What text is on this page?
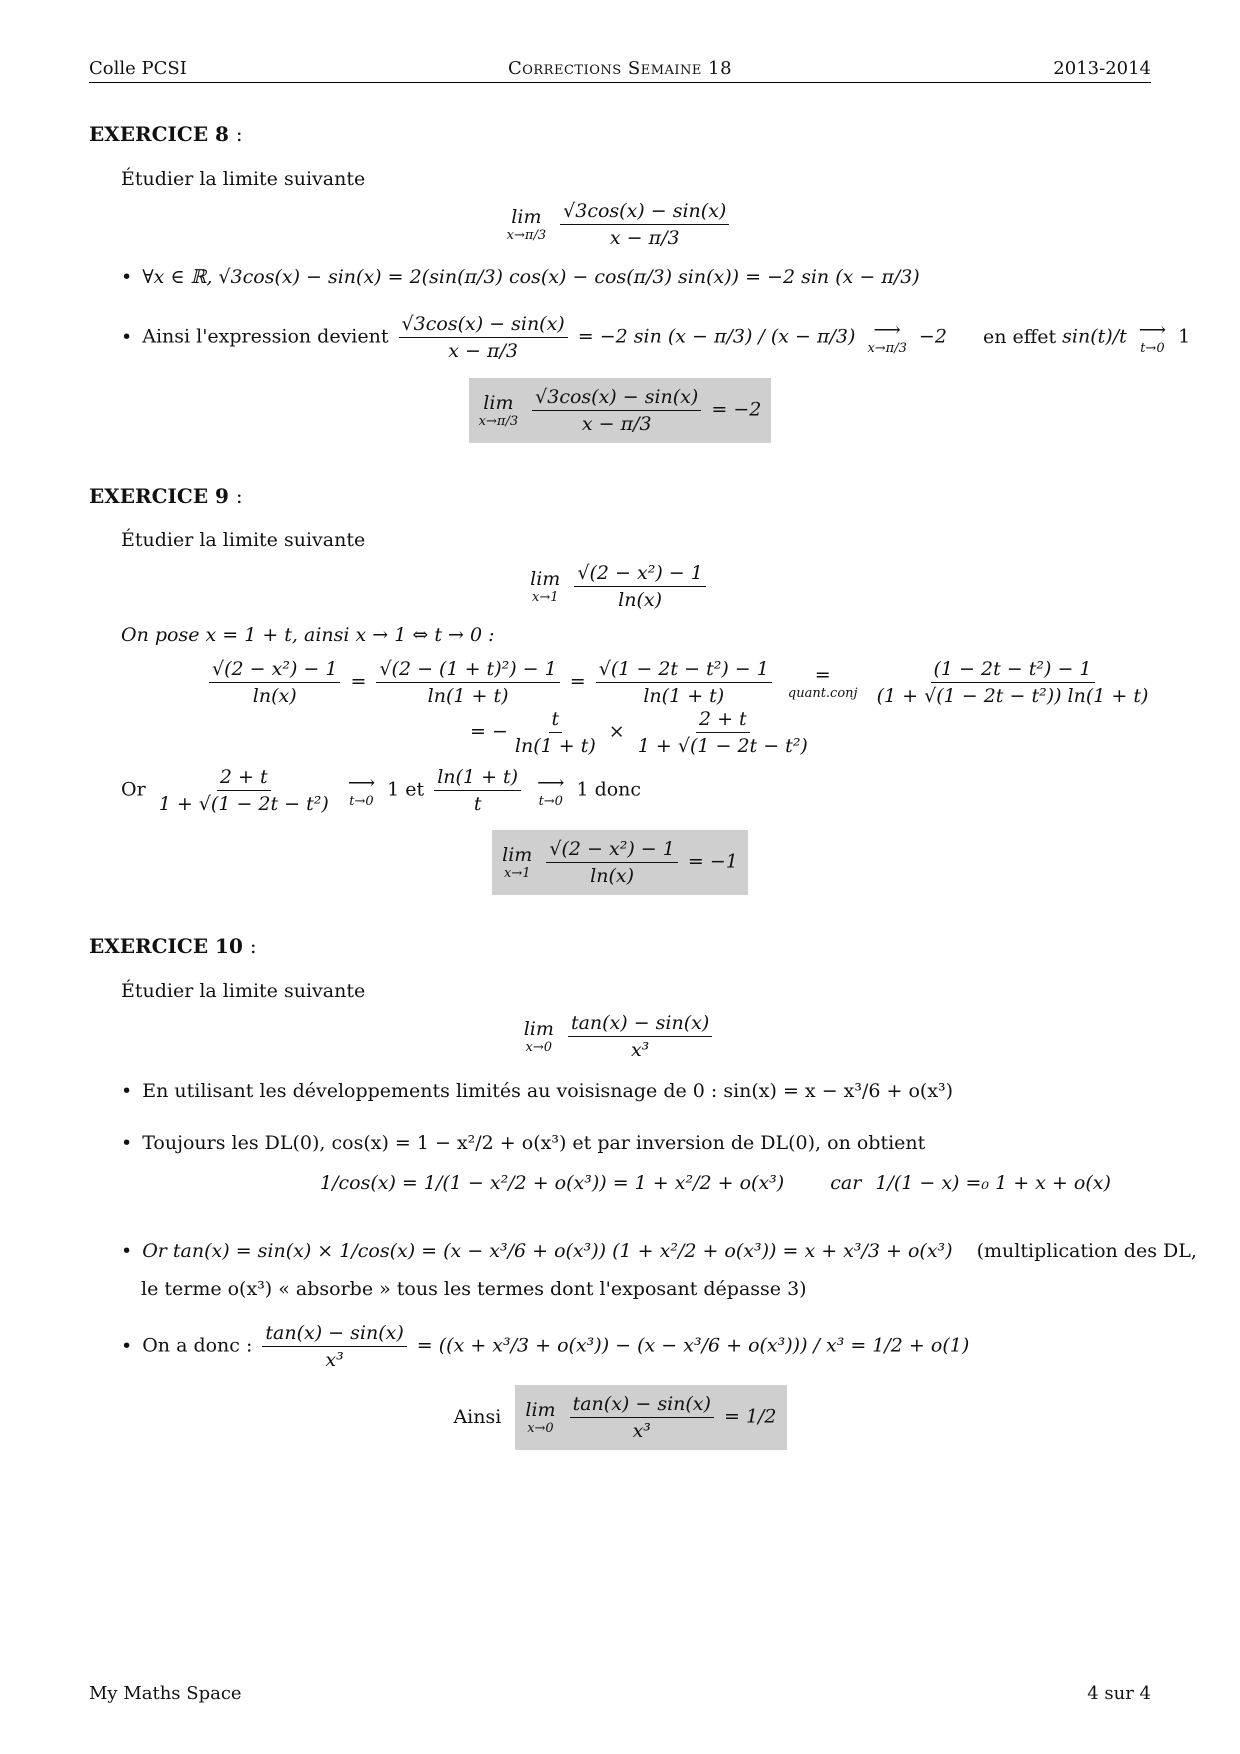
Colle PCSI	Corrections Semaine 18	2013-2014
EXERCICE 8 :
Étudier la limite suivante
lim
x→π/3
$\frac{√3\cos(x) - \sin(x)}{x - \pi/3}$
• ∀x ∈ ℝ, √3cos(x) − sin(x) = 2(sin(π/3) cos(x) − cos(π/3) sin(x)) = −2 sin (x − π/3)
• Ainsi l'expression devient $\frac{√3\cos(x) - \sin(x)}{x - \pi/3} = -2$ sin (x − π/3) / (x − π/3) ⟶
x→π/3
−2 en effet sin(t)/t ⟶
t→0
1
lim
x→π/3
$\frac{√3\cos(x) - \sin(x)}{x - \pi/3} = -2$
EXERCICE 9 :
Étudier la limite suivante
lim
x→1
$\frac{\text{√(2 − x²) − 1}}{\ln(x)}$
On pose x = 1 + t, ainsi x → 1 ⇔ t → 0 :
$\frac{\text{√(2 − x²) − 1}}{\ln(x)} = \frac{\text{√(2 − (1 + t)²) − 1}}{\ln(1 + t)} = \frac{\text{√(1 − 2t − t²) − 1}}{\ln(1 + t)}$
=
quant.conj
$\frac{\text{(1 − 2t − t²) − 1}}{\text{(1 + √(1 − 2t − t²)) ln(1 + t)}}$
= − $\frac{t}{\ln(1 + t)} \times \frac{2 + t}{\text{1 + √(1 − 2t − t²)}}$
Or $\frac{2 + t}{\text{1 + √(1 − 2t − t²)}}$
⟶
t→0
1 et $\frac{\ln(1 + t)}{t}$
⟶
t→0
1 donc
lim
x→1
$\frac{\text{√(2 − x²) − 1}}{\ln(x)} = -1$
EXERCICE 10 :
Étudier la limite suivante
lim
x→0
$\frac{\tan(x) - \sin(x)}{\text{x³}}$
• En utilisant les développements limités au voisisnage de 0 : sin(x) = x − x³/6 + o(x³)
• Toujours les DL(0), cos(x) = 1 − x²/2 + o(x³) et par inversion de DL(0), on obtient
1/cos(x) = 1/(1 − x²/2 + o(x³)) = 1 + x²/2 + o(x³) car 1/(1 − x) =₀ 1 + x + o(x)
• Or tan(x) = sin(x) × 1/cos(x) = (x − x³/6 + o(x³)) (1 + x²/2 + o(x³)) = x + x³/3 + o(x³) (multiplication des DL,
le terme o(x³) « absorbe » tous les termes dont l'exposant dépasse 3)
• On a donc : $\frac{\tan(x) - \sin(x)}{\text{x³}} = ((x + x^3/3 + o(x^3)) - (x - x^3/6 + o(x^3))) / x^3 = 1/2 + o(1)$
Ainsi lim
x→0
$\frac{\tan(x) - \sin(x)}{\text{x³}} = 1/2$
My Maths Space	4 sur 4
